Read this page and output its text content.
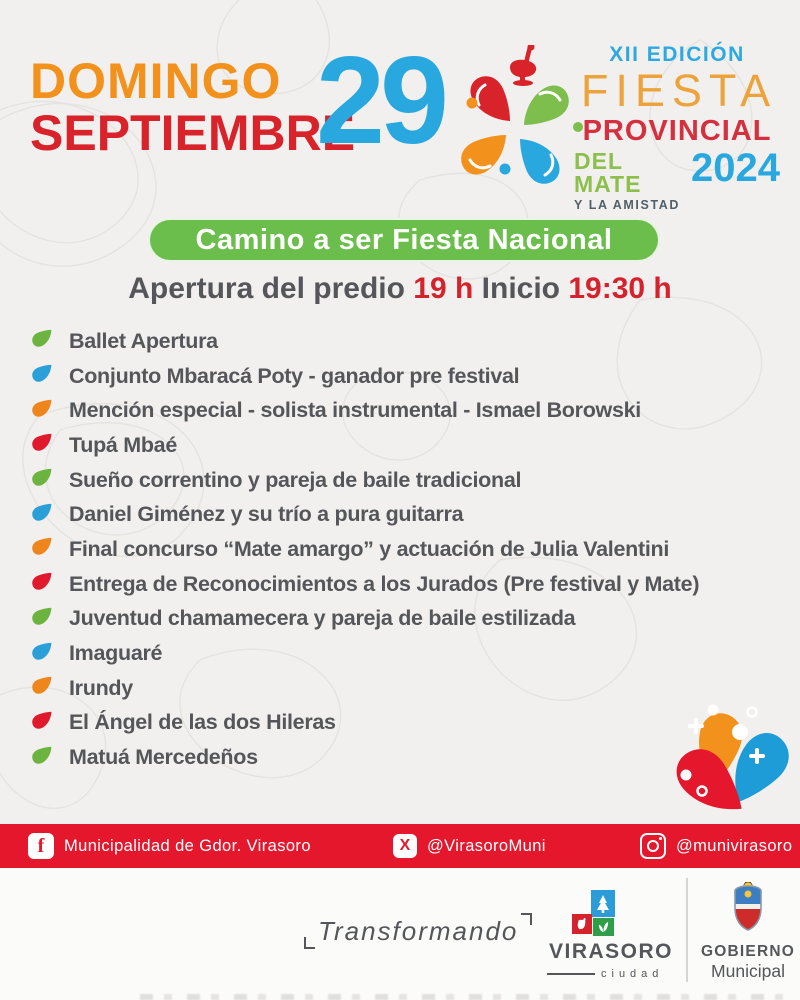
DOMINGO
SEPTIEMBRE
29	XII EDICIÓN
FIESTA
PROVINCIAL
DEL MATE
Y LA AMISTAD
2024
Camino a ser Fiesta Nacional
Apertura del predio 19 h Inicio 19:30 h
Ballet Apertura
Conjunto Mbaracá Poty - ganador pre festival
Mención especial - solista instrumental - Ismael Borowski
Tupá Mbaé
Sueño correntino y pareja de baile tradicional
Daniel Giménez y su trío a pura guitarra
Final concurso “Mate amargo” y actuación de Julia Valentini
Entrega de Reconocimientos a los Jurados (Pre festival y Mate)
Juventud chamamecera y pareja de baile estilizada
Imaguaré
Irundy
El Ángel de las dos Hileras
Matuá Mercedeños
f	Municipalidad de Gdor. Virasoro	X	@VirasoroMuni	@munivirasoro
Transformando
VIRASORO
ciudad
GOBIERNO
Municipal
